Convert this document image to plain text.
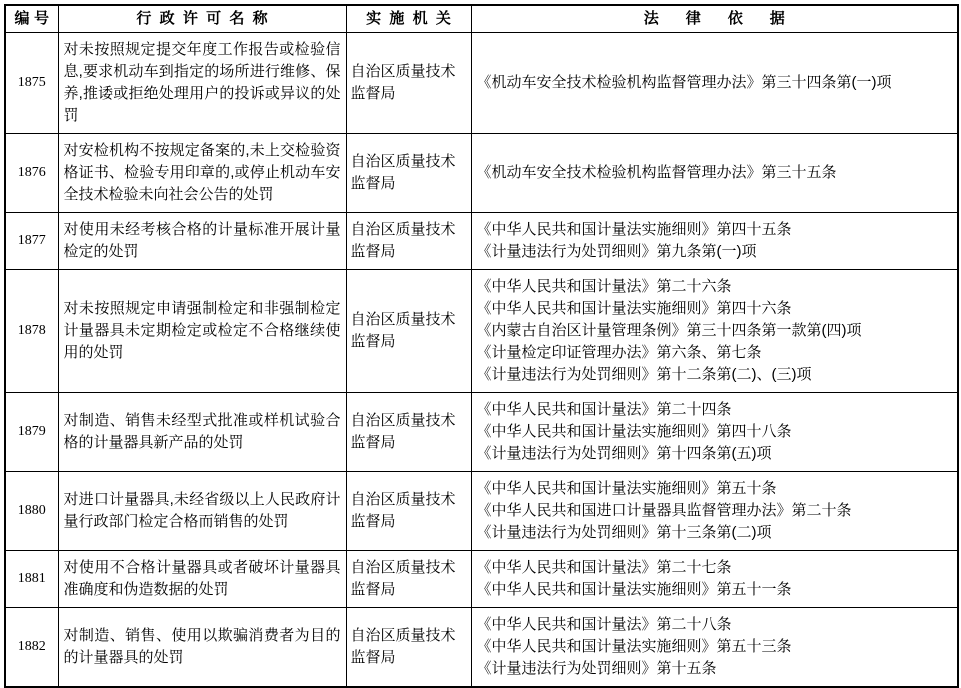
编号	行政许可名称	实施机关	法律依据
1875	对未按照规定提交年度工作报告或检验信息,要求机动车到指定的场所进行维修、保养,推诿或拒绝处理用户的投诉或异议的处罚	自治区质量技术监督局	《机动车安全技术检验机构监督管理办法》第三十四条第(一)项

1876	对安检机构不按规定备案的,未上交检验资格证书、检验专用印章的,或停止机动车安全技术检验未向社会公告的处罚	自治区质量技术监督局	《机动车安全技术检验机构监督管理办法》第三十五条

1877	对使用未经考核合格的计量标准开展计量检定的处罚	自治区质量技术监督局	《中华人民共和国计量法实施细则》第四十五条
《计量违法行为处罚细则》第九条第(一)项

1878	对未按照规定申请强制检定和非强制检定计量器具未定期检定或检定不合格继续使用的处罚	自治区质量技术监督局	《中华人民共和国计量法》第二十六条
《中华人民共和国计量法实施细则》第四十六条
《内蒙古自治区计量管理条例》第三十四条第一款第(四)项
《计量检定印证管理办法》第六条、第七条
《计量违法行为处罚细则》第十二条第(二)、(三)项

1879	对制造、销售未经型式批准或样机试验合格的计量器具新产品的处罚	自治区质量技术监督局	《中华人民共和国计量法》第二十四条
《中华人民共和国计量法实施细则》第四十八条
《计量违法行为处罚细则》第十四条第(五)项

1880	对进口计量器具,未经省级以上人民政府计量行政部门检定合格而销售的处罚	自治区质量技术监督局	《中华人民共和国计量法实施细则》第五十条
《中华人民共和国进口计量器具监督管理办法》第二十条
《计量违法行为处罚细则》第十三条第(二)项

1881	对使用不合格计量器具或者破坏计量器具准确度和伪造数据的处罚	自治区质量技术监督局	《中华人民共和国计量法》第二十七条
《中华人民共和国计量法实施细则》第五十一条

1882	对制造、销售、使用以欺骗消费者为目的的计量器具的处罚	自治区质量技术监督局	《中华人民共和国计量法》第二十八条
《中华人民共和国计量法实施细则》第五十三条
《计量违法行为处罚细则》第十五条
